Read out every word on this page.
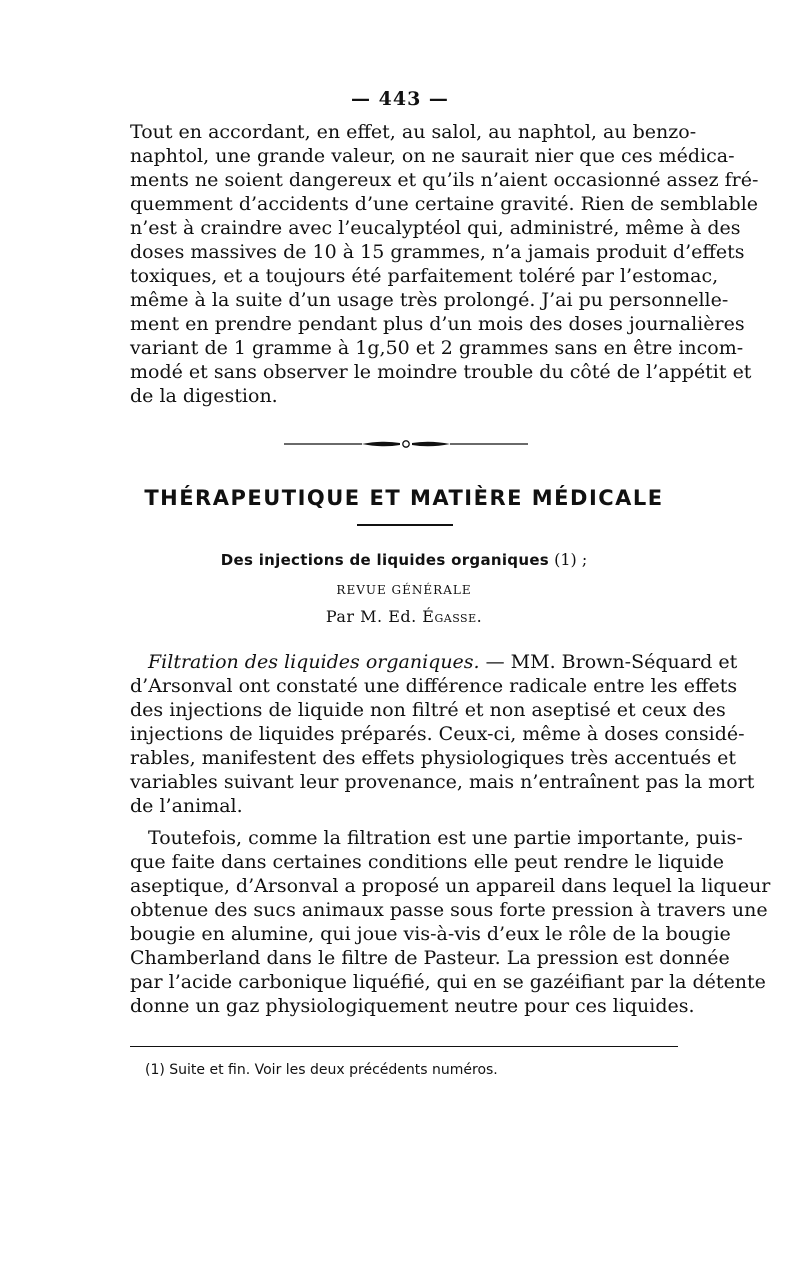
— 443 —
Tout en accordant, en effet, au salol, au naphtol, au benzo-
naphtol, une grande valeur, on ne saurait nier que ces médica-
ments ne soient dangereux et qu’ils n’aient occasionné assez fré-
quemment d’accidents d’une certaine gravité. Rien de semblable
n’est à craindre avec l’eucalyptéol qui, administré, même à des
doses massives de 10 à 15 grammes, n’a jamais produit d’effets
toxiques, et a toujours été parfaitement toléré par l’estomac,
même à la suite d’un usage très prolongé. J’ai pu personnelle-
ment en prendre pendant plus d’un mois des doses journalières
variant de 1 gramme à 1g,50 et 2 grammes sans en être incom-
modé et sans observer le moindre trouble du côté de l’appétit et
de la digestion.
THÉRAPEUTIQUE ET MATIÈRE MÉDICALE
Des injections de liquides organiques (1) ;
REVUE GÉNÉRALE
Par M. Ed. Égasse.
Filtration des liquides organiques. — MM. Brown-Séquard et
d’Arsonval ont constaté une différence radicale entre les effets
des injections de liquide non filtré et non aseptisé et ceux des
injections de liquides préparés. Ceux-ci, même à doses considé-
rables, manifestent des effets physiologiques très accentués et
variables suivant leur provenance, mais n’entraînent pas la mort
de l’animal.
Toutefois, comme la filtration est une partie importante, puis-
que faite dans certaines conditions elle peut rendre le liquide
aseptique, d’Arsonval a proposé un appareil dans lequel la liqueur
obtenue des sucs animaux passe sous forte pression à travers une
bougie en alumine, qui joue vis-à-vis d’eux le rôle de la bougie
Chamberland dans le filtre de Pasteur. La pression est donnée
par l’acide carbonique liquéfié, qui en se gazéifiant par la détente
donne un gaz physiologiquement neutre pour ces liquides.
(1) Suite et fin. Voir les deux précédents numéros.
